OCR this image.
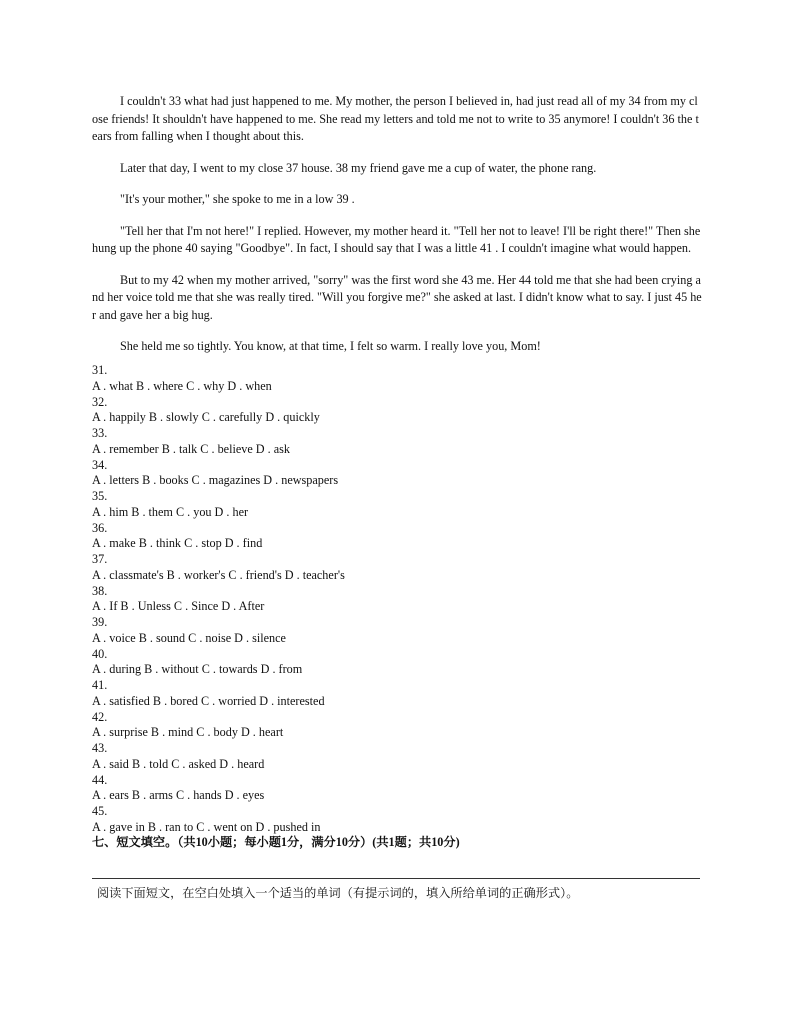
I couldn't 33 what had just happened to me. My mother, the person I believed in, had just read all of my 34 from my close friends! It shouldn't have happened to me. She read my letters and told me not to write to 35 anymore! I couldn't 36 the tears from falling when I thought about this.

Later that day, I went to my close 37 house. 38 my friend gave me a cup of water, the phone rang.

"It's your mother," she spoke to me in a low 39 .

"Tell her that I'm not here!" I replied. However, my mother heard it. "Tell her not to leave! I'll be right there!" Then she hung up the phone 40 saying "Goodbye". In fact, I should say that I was a little 41 . I couldn't imagine what would happen.

But to my 42 when my mother arrived, "sorry" was the first word she 43 me. Her 44 told me that she had been crying and her voice told me that she was really tired. "Will you forgive me?" she asked at last. I didn't know what to say. I just 45 her and gave her a big hug.

She held me so tightly. You know, at that time, I felt so warm. I really love you, Mom!

31.
A . what B . where C . why D . when
32.
A . happily B . slowly C . carefully D . quickly
33.
A . remember B . talk C . believe D . ask
34.
A . letters B . books C . magazines D . newspapers
35.
A . him B . them C . you D . her
36.
A . make B . think C . stop D . find
37.
A . classmate's B . worker's C . friend's D . teacher's
38.
A . If B . Unless C . Since D . After
39.
A . voice B . sound C . noise D . silence
40.
A . during B . without C . towards D . from
41.
A . satisfied B . bored C . worried D . interested
42.
A . surprise B . mind C . body D . heart
43.
A . said B . told C . asked D . heard
44.
A . ears B . arms C . hands D . eyes
45.
A . gave in B . ran to C . went on D . pushed in
七、短文填空。（共10小题；每小题1分，满分10分）(共1题；共10分)
阅读下面短文，在空白处填入一个适当的单词（有提示词的，填入所给单词的正确形式）。
